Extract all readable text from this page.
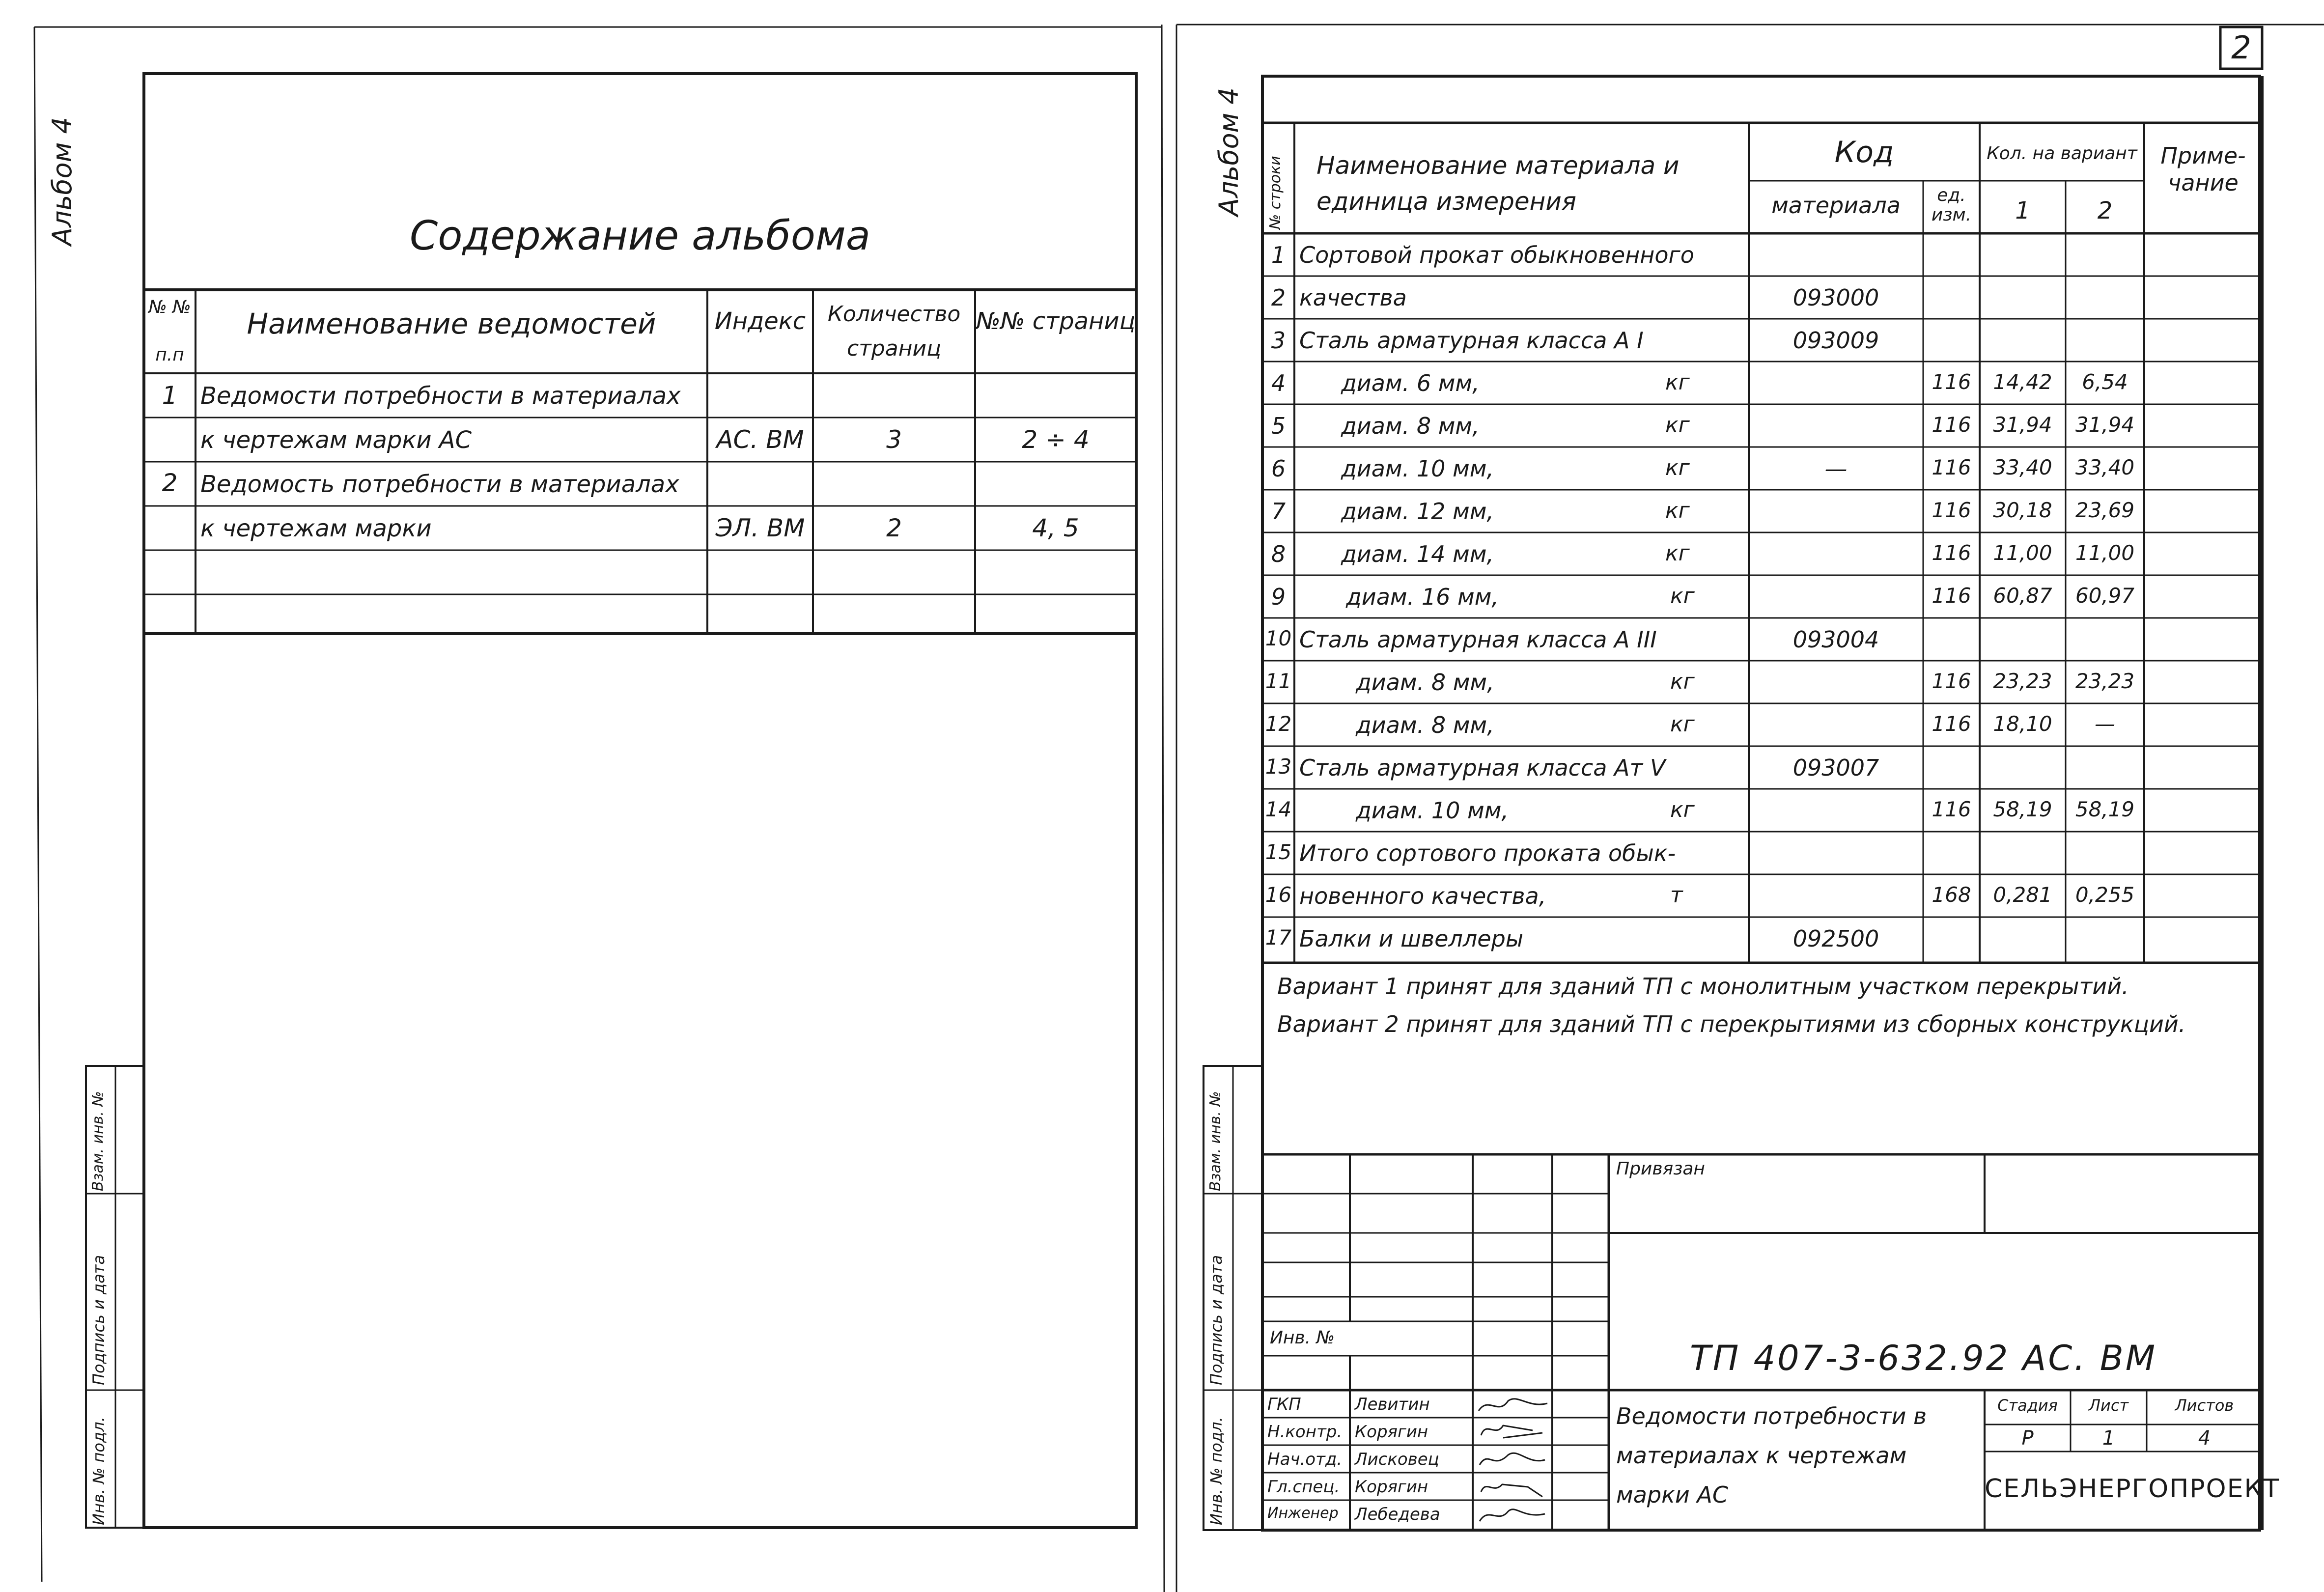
2
Альбом 4	Содержание альбома
№ №
п.п
Наименование ведомостей	Индекс	Количество
страниц
№№ страниц
1 Ведомости потребности в материалах
к чертежам марки АС	АС. ВМ	3	2 ÷ 4
2 Ведомость потребности в материалах
к чертежам марки	ЭЛ. ВМ	2	4, 5
Инв. № подл.
Подпись и дата
Взам. инв. №
Альбом 4 № строки Наименование материала и
единица измерения
Код
материала	ед. изм.
Кол. на вариант
1	2
Приме- чание
1 Сортовой прокат обыкновенного
2 качества	093000
3 Сталь арматурная класса А I	093009
4	диам. 6 мм,	кг	116	14,42	6,54
5	диам. 8 мм,	кг	116	31,94	31,94
6	диам. 10 мм,	кг	—	116	33,40	33,40
7	диам. 12 мм,	кг	116	30,18	23,69
8	диам. 14 мм,	кг	116	11,00	11,00
9	диам. 16 мм,	кг	116	60,87	60,97
10 Сталь арматурная класса А III	093004
11	диам. 8 мм,	кг	116	23,23	23,23
12	диам. 8 мм,	кг	116	18,10	—
13 Сталь арматурная класса Ат V	093007
14	диам. 10 мм,	кг	116	58,19	58,19
15 Итого сортового проката обык-
16 новенного качества,	т	168	0,281	0,255
17 Балки и швеллеры	092500
Вариант 1 принят для зданий ТП с монолитным участком перекрытий.
Вариант 2 принят для зданий ТП с перекрытиями из сборных конструкций.
Инв. № подл.
Подпись и дата
Взам. инв. №	Привязан
Инв. №
ТП 407-3-632.92 АС. ВМ
ГКП
Н.контр.
Нач.отд.
Гл.спец.
Инженер
Левитин
Корягин
Лисковец
Корягин
Лебедева
Ведомости потребности в
материалах к чертежам
марки АС
Стадия	Лист	Листов
Р	1	4
СЕЛЬЭНЕРГОПРОЕКТ
